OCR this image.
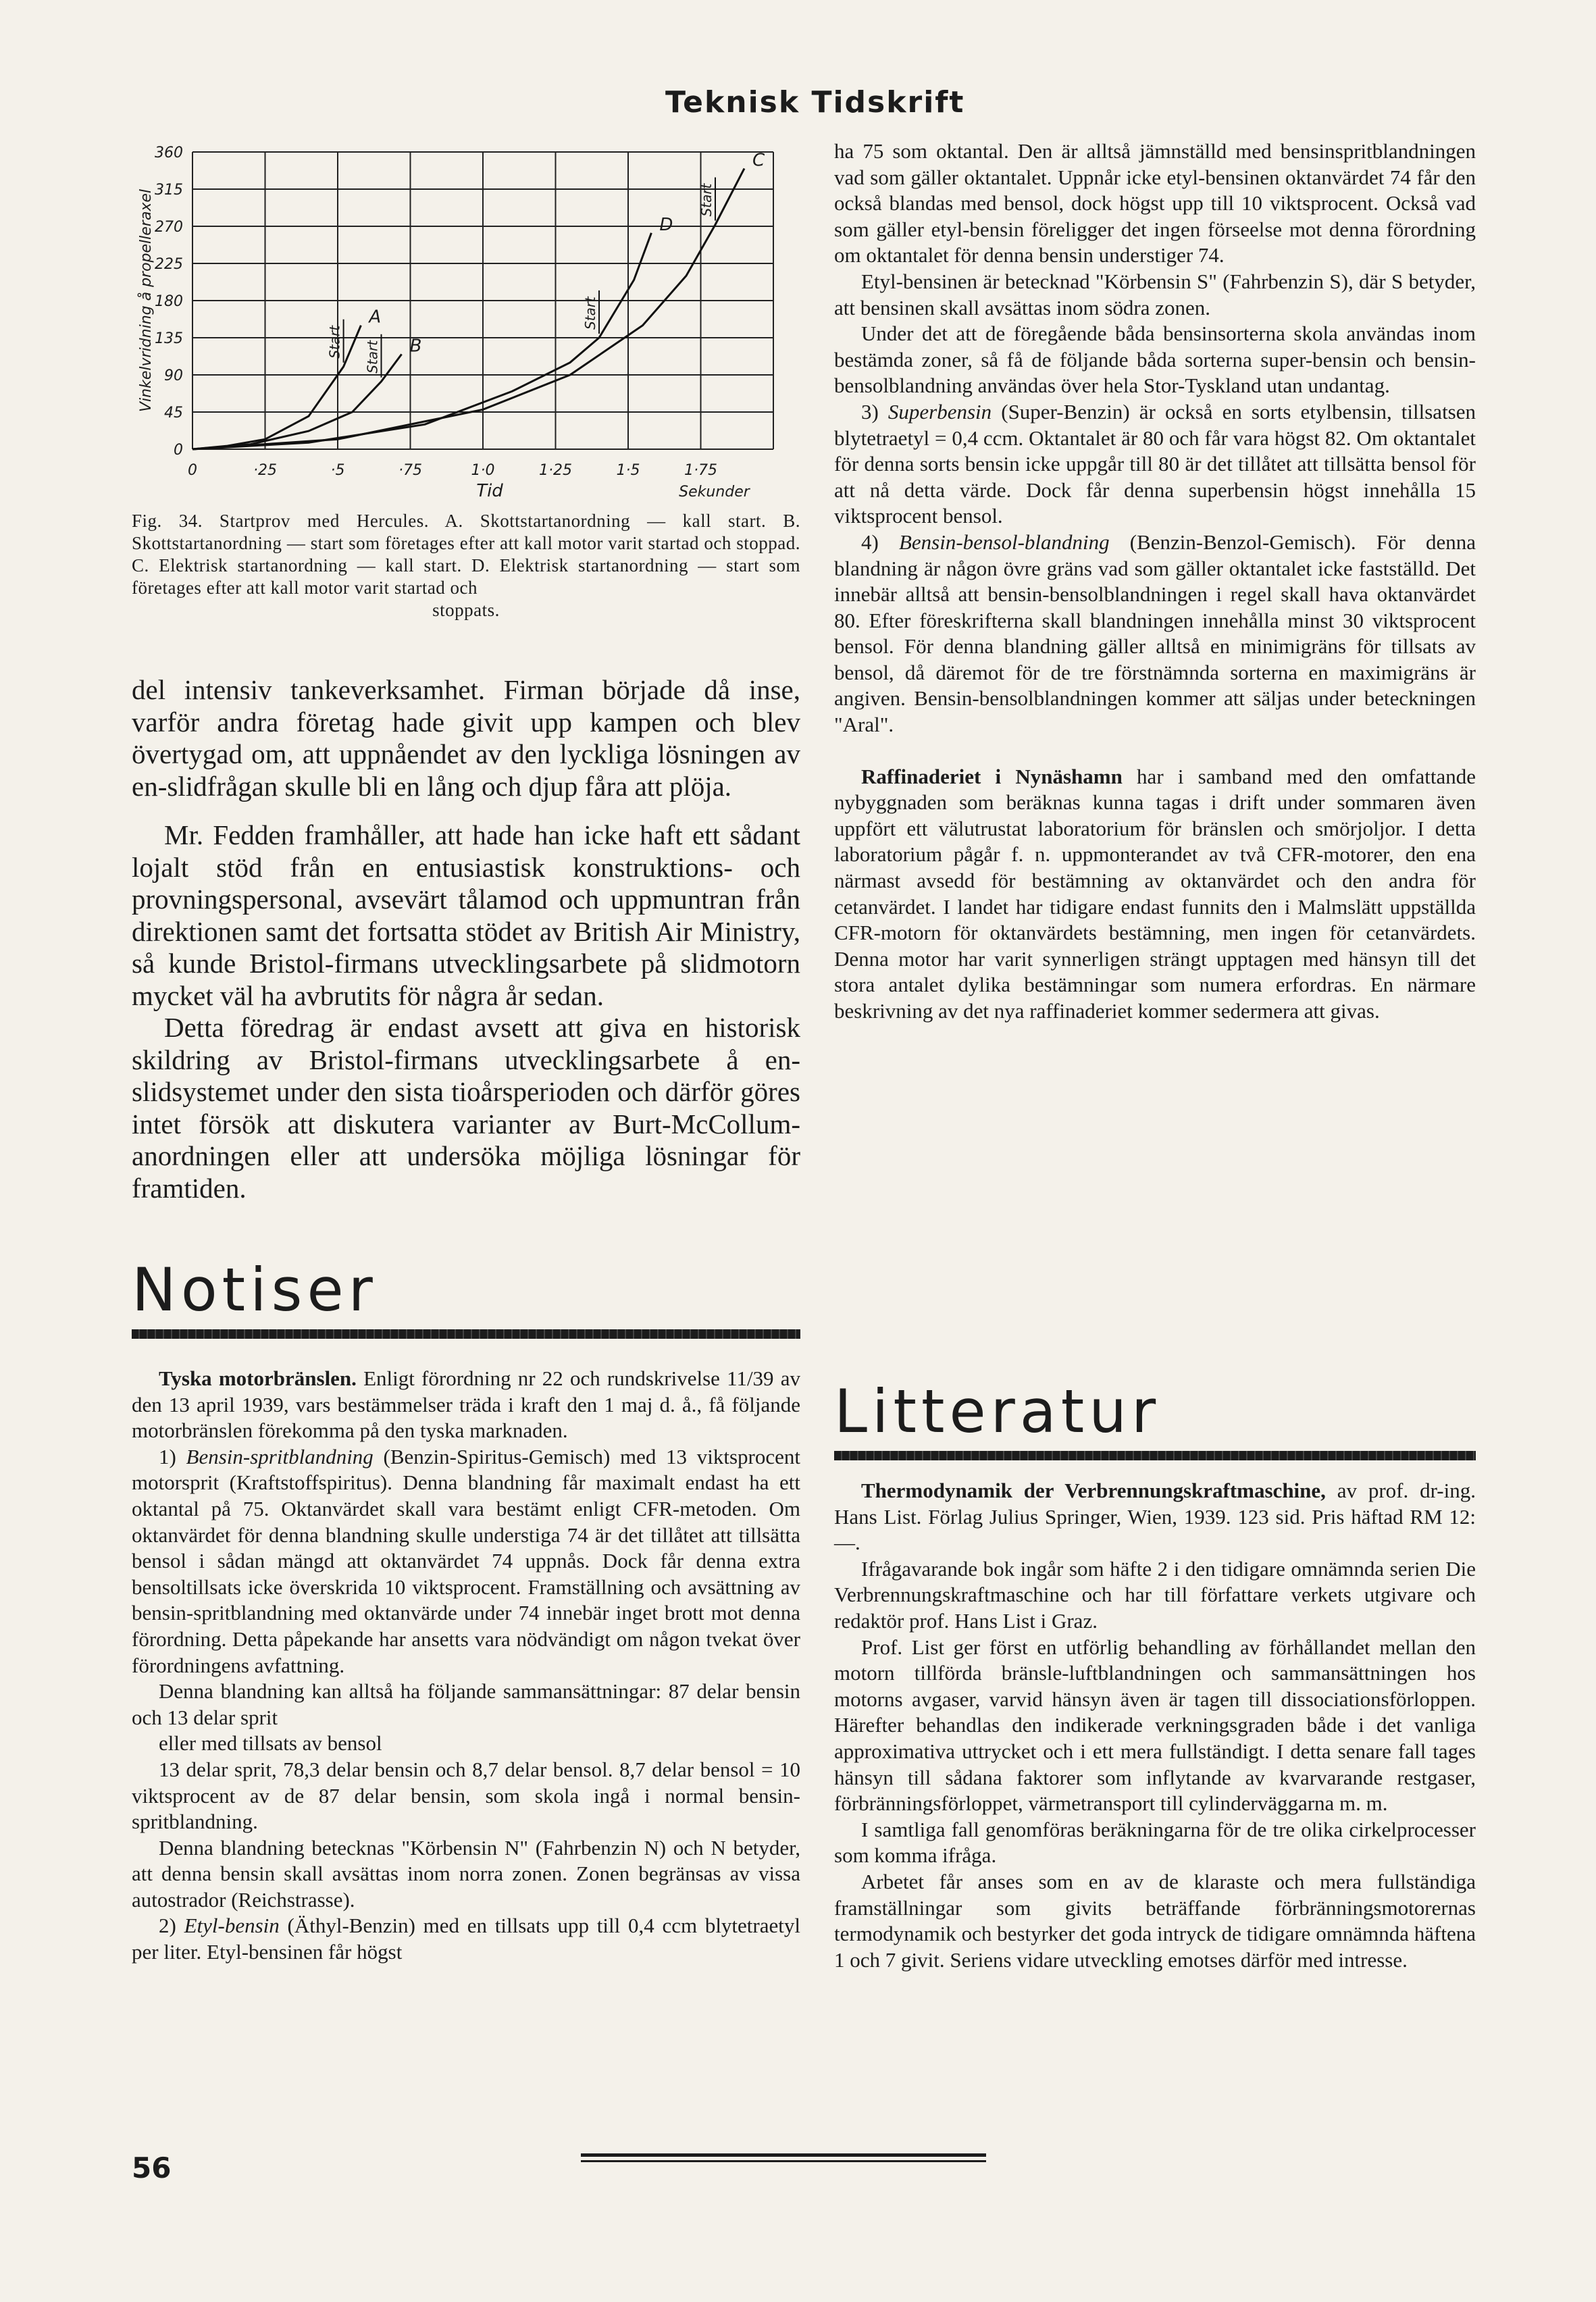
Teknisk Tidskrift
0	·25	·5	·75	1·0	1·25	1·5	1·75
0
45
90
135
180
225
270
315
360
Tid	Sekunder
Vinkelvridning å propelleraxel	A
Start	B
Start
C
Start
D
Start
Fig. 34. Startprov med Hercules. A. Skottstartanordning — kall start. B. Skottstartanordning — start som företages efter att kall motor varit startad och stoppad. C. Elektrisk startanordning — kall start. D. Elektrisk startanordning — start som företages efter att kall motor varit startad och
stoppats.

del intensiv tankeverksamhet. Firman började då inse, varför andra företag hade givit upp kampen och blev övertygad om, att uppnåendet av den lyckliga lösningen av en-slidfrågan skulle bli en lång och djup fåra att plöja.

Mr. Fedden framhåller, att hade han icke haft ett sådant lojalt stöd från en entusiastisk konstruktions- och provningspersonal, avsevärt tålamod och uppmuntran från direktionen samt det fortsatta stödet av British Air Ministry, så kunde Bristol-firmans utvecklingsarbete på slidmotorn mycket väl ha avbrutits för några år sedan.

Detta föredrag är endast avsett att giva en historisk skildring av Bristol-firmans utvecklingsarbete å en-slidsystemet under den sista tioårsperioden och därför göres intet försök att diskutera varianter av Burt-McCollum-anordningen eller att undersöka möjliga lösningar för framtiden.

Notiser

Tyska motorbränslen. Enligt förordning nr 22 och rundskrivelse 11/39 av den 13 april 1939, vars bestämmelser träda i kraft den 1 maj d. å., få följande motorbränslen förekomma på den tyska marknaden.

1) Bensin-spritblandning (Benzin-Spiritus-Gemisch) med 13 viktsprocent motorsprit (Kraftstoffspiritus). Denna blandning får maximalt endast ha ett oktantal på 75. Oktanvärdet skall vara bestämt enligt CFR-metoden. Om oktanvärdet för denna blandning skulle understiga 74 är det tillåtet att tillsätta bensol i sådan mängd att oktanvärdet 74 uppnås. Dock får denna extra bensoltillsats icke överskrida 10 viktsprocent. Framställning och avsättning av bensin-spritblandning med oktanvärde under 74 innebär inget brott mot denna förordning. Detta påpekande har ansetts vara nödvändigt om någon tvekat över förordningens avfattning.

Denna blandning kan alltså ha följande sammansättningar: 87 delar bensin och 13 delar sprit

eller med tillsats av bensol

13 delar sprit, 78,3 delar bensin och 8,7 delar bensol. 8,7 delar bensol = 10 viktsprocent av de 87 delar bensin, som skola ingå i normal bensin-spritblandning.

Denna blandning betecknas "Körbensin N" (Fahrbenzin N) och N betyder, att denna bensin skall avsättas inom norra zonen. Zonen begränsas av vissa autostrador (Reichstrasse).

2) Etyl-bensin (Äthyl-Benzin) med en tillsats upp till 0,4 ccm blytetraetyl per liter. Etyl-bensinen får högst

ha 75 som oktantal. Den är alltså jämnställd med bensinspritblandningen vad som gäller oktantalet. Uppnår icke etyl-bensinen oktanvärdet 74 får den också blandas med bensol, dock högst upp till 10 viktsprocent. Också vad som gäller etyl-bensin föreligger det ingen förseelse mot denna förordning om oktantalet för denna bensin understiger 74.

Etyl-bensinen är betecknad "Körbensin S" (Fahrbenzin S), där S betyder, att bensinen skall avsättas inom södra zonen.

Under det att de föregående båda bensinsorterna skola användas inom bestämda zoner, så få de följande båda sorterna super-bensin och bensin-bensolblandning användas över hela Stor-Tyskland utan undantag.

3) Superbensin (Super-Benzin) är också en sorts etylbensin, tillsatsen blytetraetyl = 0,4 ccm. Oktantalet är 80 och får vara högst 82. Om oktantalet för denna sorts bensin icke uppgår till 80 är det tillåtet att tillsätta bensol för att nå detta värde. Dock får denna superbensin högst innehålla 15 viktsprocent bensol.

4) Bensin-bensol-blandning (Benzin-Benzol-Gemisch). För denna blandning är någon övre gräns vad som gäller oktantalet icke fastställd. Det innebär alltså att bensin-bensolblandningen i regel skall hava oktanvärdet 80. Efter föreskrifterna skall blandningen innehålla minst 30 viktsprocent bensol. För denna blandning gäller alltså en minimigräns för tillsats av bensol, då däremot för de tre förstnämnda sorterna en maximigräns är angiven. Bensin-bensolblandningen kommer att säljas under beteckningen "Aral".

Raffinaderiet i Nynäshamn har i samband med den omfattande nybyggnaden som beräknas kunna tagas i drift under sommaren även uppfört ett välutrustat laboratorium för bränslen och smörjoljor. I detta laboratorium pågår f. n. uppmonterandet av två CFR-motorer, den ena närmast avsedd för bestämning av oktanvärdet och den andra för cetanvärdet. I landet har tidigare endast funnits den i Malmslätt uppställda CFR-motorn för oktanvärdets bestämning, men ingen för cetanvärdets. Denna motor har varit synnerligen strängt upptagen med hänsyn till det stora antalet dylika bestämningar som numera erfordras. En närmare beskrivning av det nya raffinaderiet kommer sedermera att givas.

Litteratur

Thermodynamik der Verbrennungskraftmaschine, av prof. dr-ing. Hans List. Förlag Julius Springer, Wien, 1939. 123 sid. Pris häftad RM 12: —.

Ifrågavarande bok ingår som häfte 2 i den tidigare omnämnda serien Die Verbrennungskraftmaschine och har till författare verkets utgivare och redaktör prof. Hans List i Graz.

Prof. List ger först en utförlig behandling av förhållandet mellan den motorn tillförda bränsle-luftblandningen och sammansättningen hos motorns avgaser, varvid hänsyn även är tagen till dissociationsförloppen. Härefter behandlas den indikerade verkningsgraden både i det vanliga approximativa uttrycket och i ett mera fullständigt. I detta senare fall tages hänsyn till sådana faktorer som inflytande av kvarvarande restgaser, förbränningsförloppet, värmetransport till cylinderväggarna m. m.

I samtliga fall genomföras beräkningarna för de tre olika cirkelprocesser som komma ifråga.

Arbetet får anses som en av de klaraste och mera fullständiga framställningar som givits beträffande förbränningsmotorernas termodynamik och bestyrker det goda intryck de tidigare omnämnda häftena 1 och 7 givit. Seriens vidare utveckling emotses därför med intresse.

56
